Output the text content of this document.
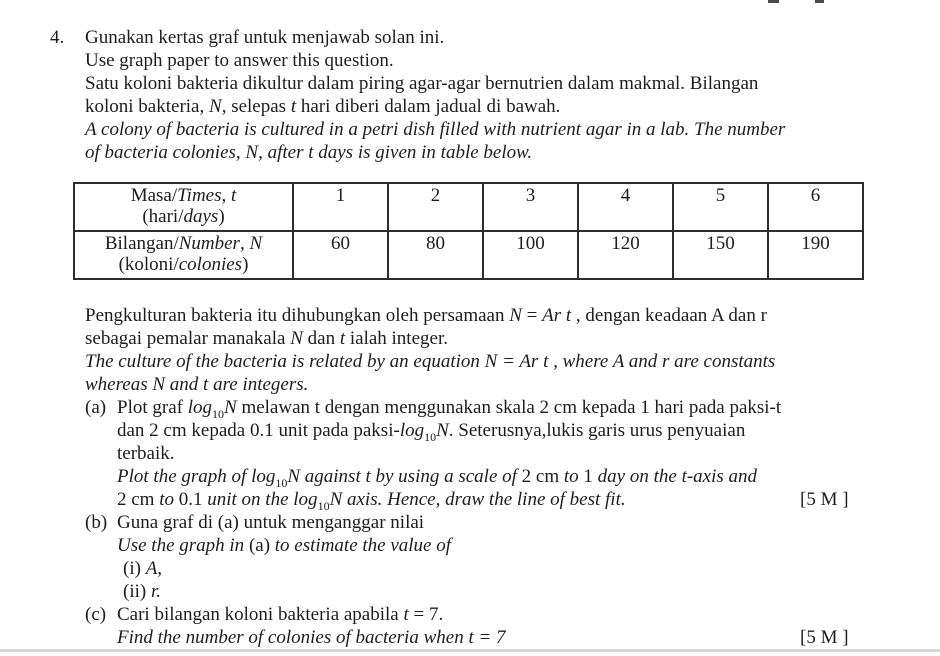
4.	Gunakan kertas graf untuk menjawab solan ini.
Use graph paper to answer this question.
Satu koloni bakteria dikultur dalam piring agar-agar bernutrien dalam makmal. Bilangan
koloni bakteria, N, selepas t hari diberi dalam jadual di bawah.
A colony of bacteria is cultured in a petri dish filled with nutrient agar in a lab. The number
of bacteria colonies, N, after t days is given in table below.
Masa/Times, t
(hari/days)	1	2	3	4	5	6

Bilangan/Number, N
(koloni/colonies)	60	80	100	120	150	190
Pengkulturan bakteria itu dihubungkan oleh persamaan N = Ar t , dengan keadaan A dan r
sebagai pemalar manakala N dan t ialah integer.
The culture of the bacteria is related by an equation N = Ar t , where A and r are constants
whereas N and t are integers.
(a) Plot graf $\log_{10}N$ melawan t dengan menggunakan skala 2 cm kepada 1 hari pada paksi-t
dan 2 cm kepada 0.1 unit pada paksi-$\log_{10}N$. Seterusnya,lukis garis urus penyuaian
terbaik.
Plot the graph of $\log_{10}N$ against t by using a scale of 2 cm to 1 day on the t-axis and
2 cm to 0.1 unit on the $\log_{10}N$ axis. Hence, draw the line of best fit.	[5 M ]
(b) Guna graf di (a) untuk menganggar nilai
Use the graph in (a) to estimate the value of
(i) A,
(ii) r.
(c) Cari bilangan koloni bakteria apabila t = 7.
Find the number of colonies of bacteria when t = 7	[5 M ]
